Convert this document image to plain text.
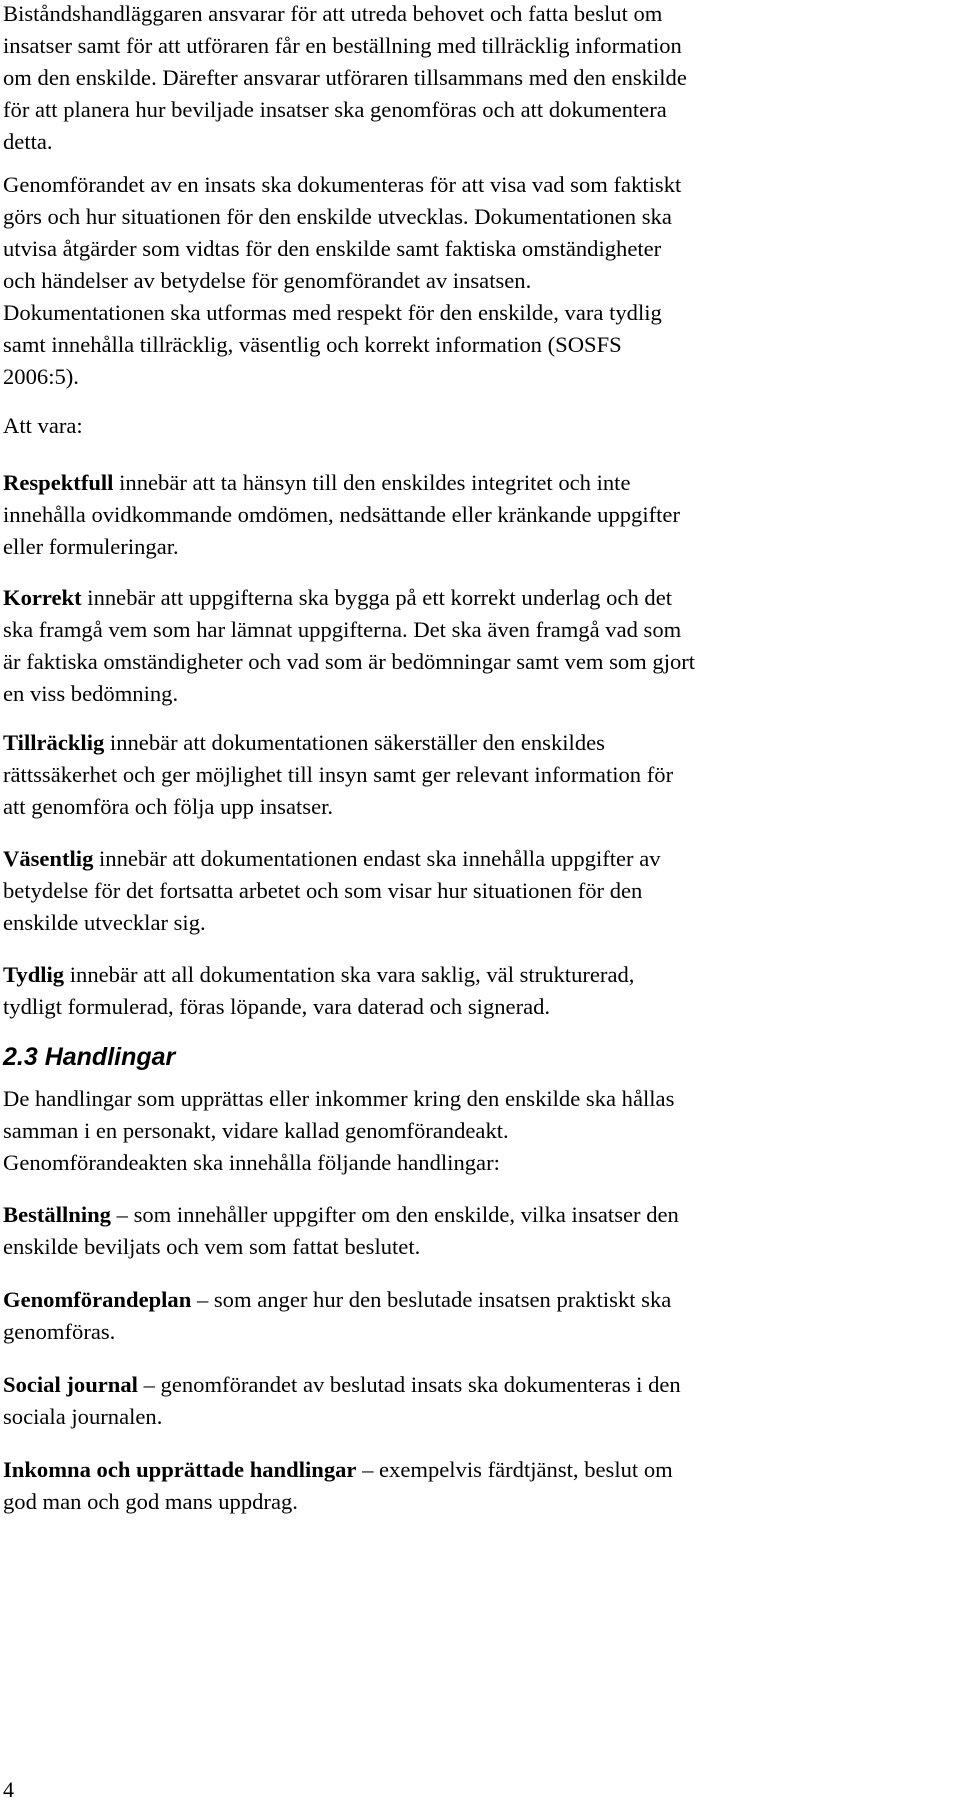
Biståndshandläggaren ansvarar för att utreda behovet och fatta beslut om
insatser samt för att utföraren får en beställning med tillräcklig information
om den enskilde. Därefter ansvarar utföraren tillsammans med den enskilde
för att planera hur beviljade insatser ska genomföras och att dokumentera
detta.

Genomförandet av en insats ska dokumenteras för att visa vad som faktiskt
görs och hur situationen för den enskilde utvecklas. Dokumentationen ska
utvisa åtgärder som vidtas för den enskilde samt faktiska omständigheter
och händelser av betydelse för genomförandet av insatsen.
Dokumentationen ska utformas med respekt för den enskilde, vara tydlig
samt innehålla tillräcklig, väsentlig och korrekt information (SOSFS
2006:5).

Att vara:

Respektfull innebär att ta hänsyn till den enskildes integritet och inte
innehålla ovidkommande omdömen, nedsättande eller kränkande uppgifter
eller formuleringar.

Korrekt innebär att uppgifterna ska bygga på ett korrekt underlag och det
ska framgå vem som har lämnat uppgifterna. Det ska även framgå vad som
är faktiska omständigheter och vad som är bedömningar samt vem som gjort
en viss bedömning.

Tillräcklig innebär att dokumentationen säkerställer den enskildes
rättssäkerhet och ger möjlighet till insyn samt ger relevant information för
att genomföra och följa upp insatser.

Väsentlig innebär att dokumentationen endast ska innehålla uppgifter av
betydelse för det fortsatta arbetet och som visar hur situationen för den
enskilde utvecklar sig.

Tydlig innebär att all dokumentation ska vara saklig, väl strukturerad,
tydligt formulerad, föras löpande, vara daterad och signerad.

2.3 Handlingar

De handlingar som upprättas eller inkommer kring den enskilde ska hållas
samman i en personakt, vidare kallad genomförandeakt.
Genomförandeakten ska innehålla följande handlingar:

Beställning – som innehåller uppgifter om den enskilde, vilka insatser den
enskilde beviljats och vem som fattat beslutet.

Genomförandeplan – som anger hur den beslutade insatsen praktiskt ska
genomföras.

Social journal – genomförandet av beslutad insats ska dokumenteras i den
sociala journalen.

Inkomna och upprättade handlingar – exempelvis färdtjänst, beslut om
god man och god mans uppdrag.

4
